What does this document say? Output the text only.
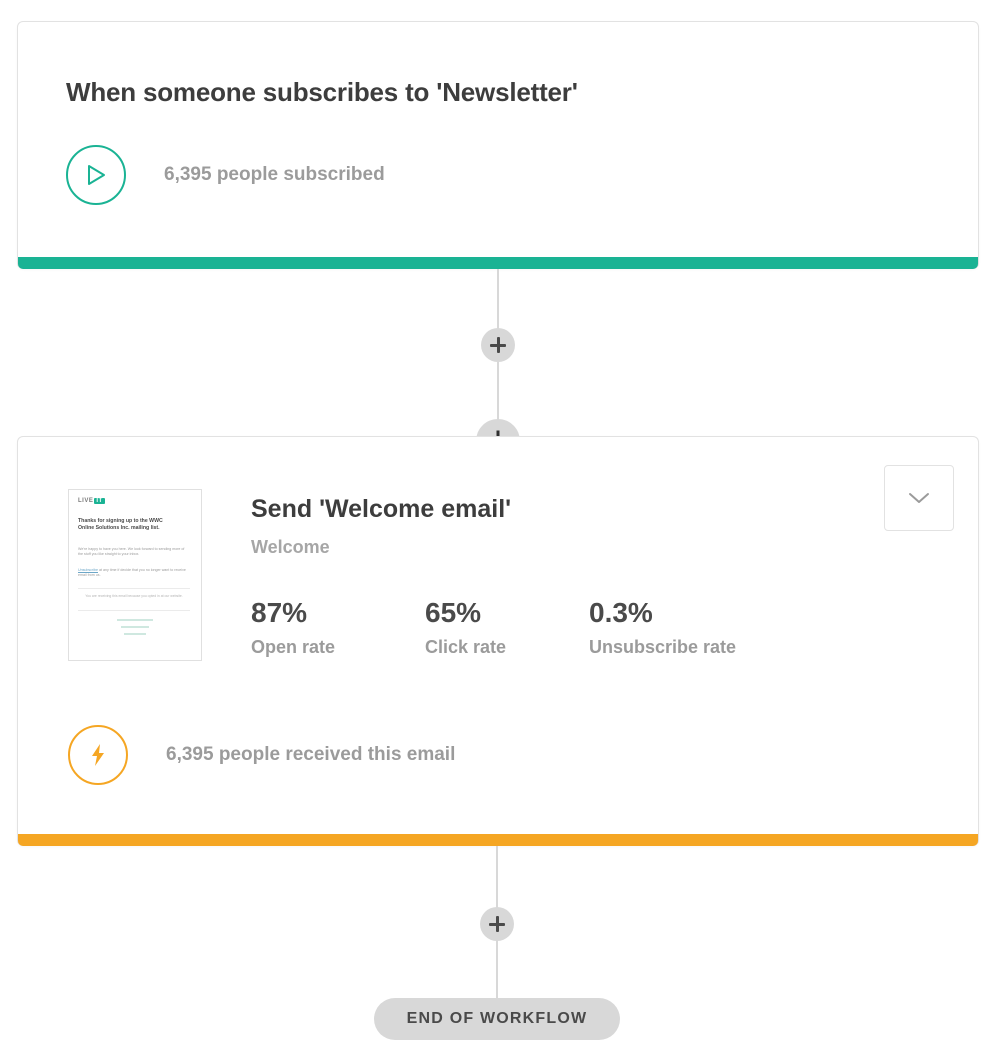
When someone subscribes to 'Newsletter'
6,395 people subscribed
LIVE IT
Thanks for signing up to the WWC Online Solutions Inc. mailing list.
We're happy to have you here. We look forward to sending more of the stuff you like straight to your inbox.
Unsubscribe at any time if decide that you no longer want to receive email from us.
You are receiving this email because you opted in at our website.
Send 'Welcome email'
Welcome
87%
Open rate
65%
Click rate
0.3%
Unsubscribe rate
6,395 people received this email
END OF WORKFLOW
